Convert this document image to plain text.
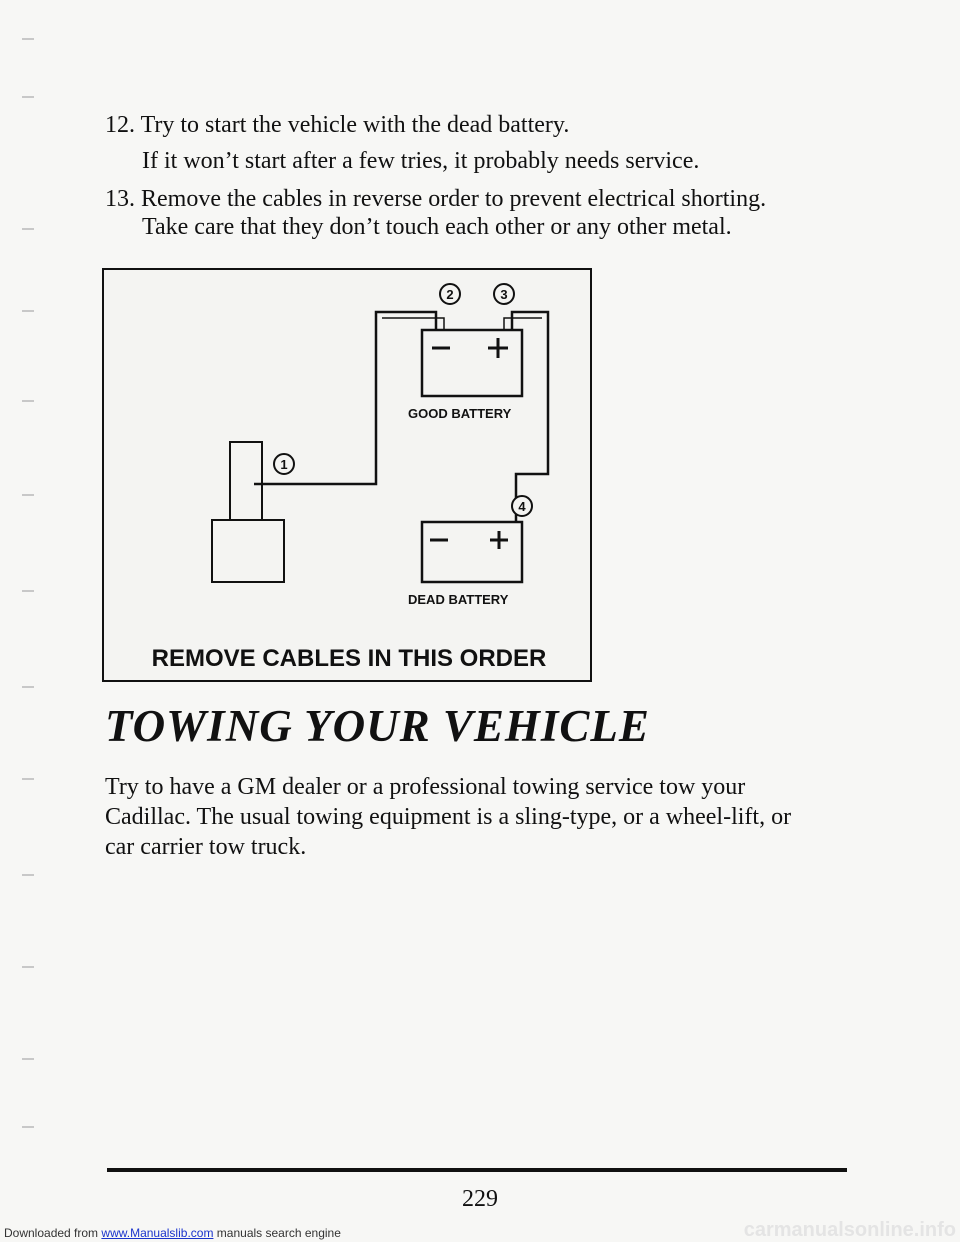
12. Try to start the vehicle with the dead battery.

If it won’t start after a few tries, it probably needs service.

13. Remove the cables in reverse order to prevent electrical shorting.

Take care that they don’t touch each other or any other metal.

2	3
1
4
GOOD BATTERY
DEAD BATTERY
REMOVE CABLES IN THIS ORDER
TOWING YOUR VEHICLE

Try to have a GM dealer or a professional towing service tow your Cadillac. The usual towing equipment is a sling-type, or a wheel-lift, or car carrier tow truck.

229

Downloaded from www.Manualslib.com manuals search engine	carmanualsonline.info
